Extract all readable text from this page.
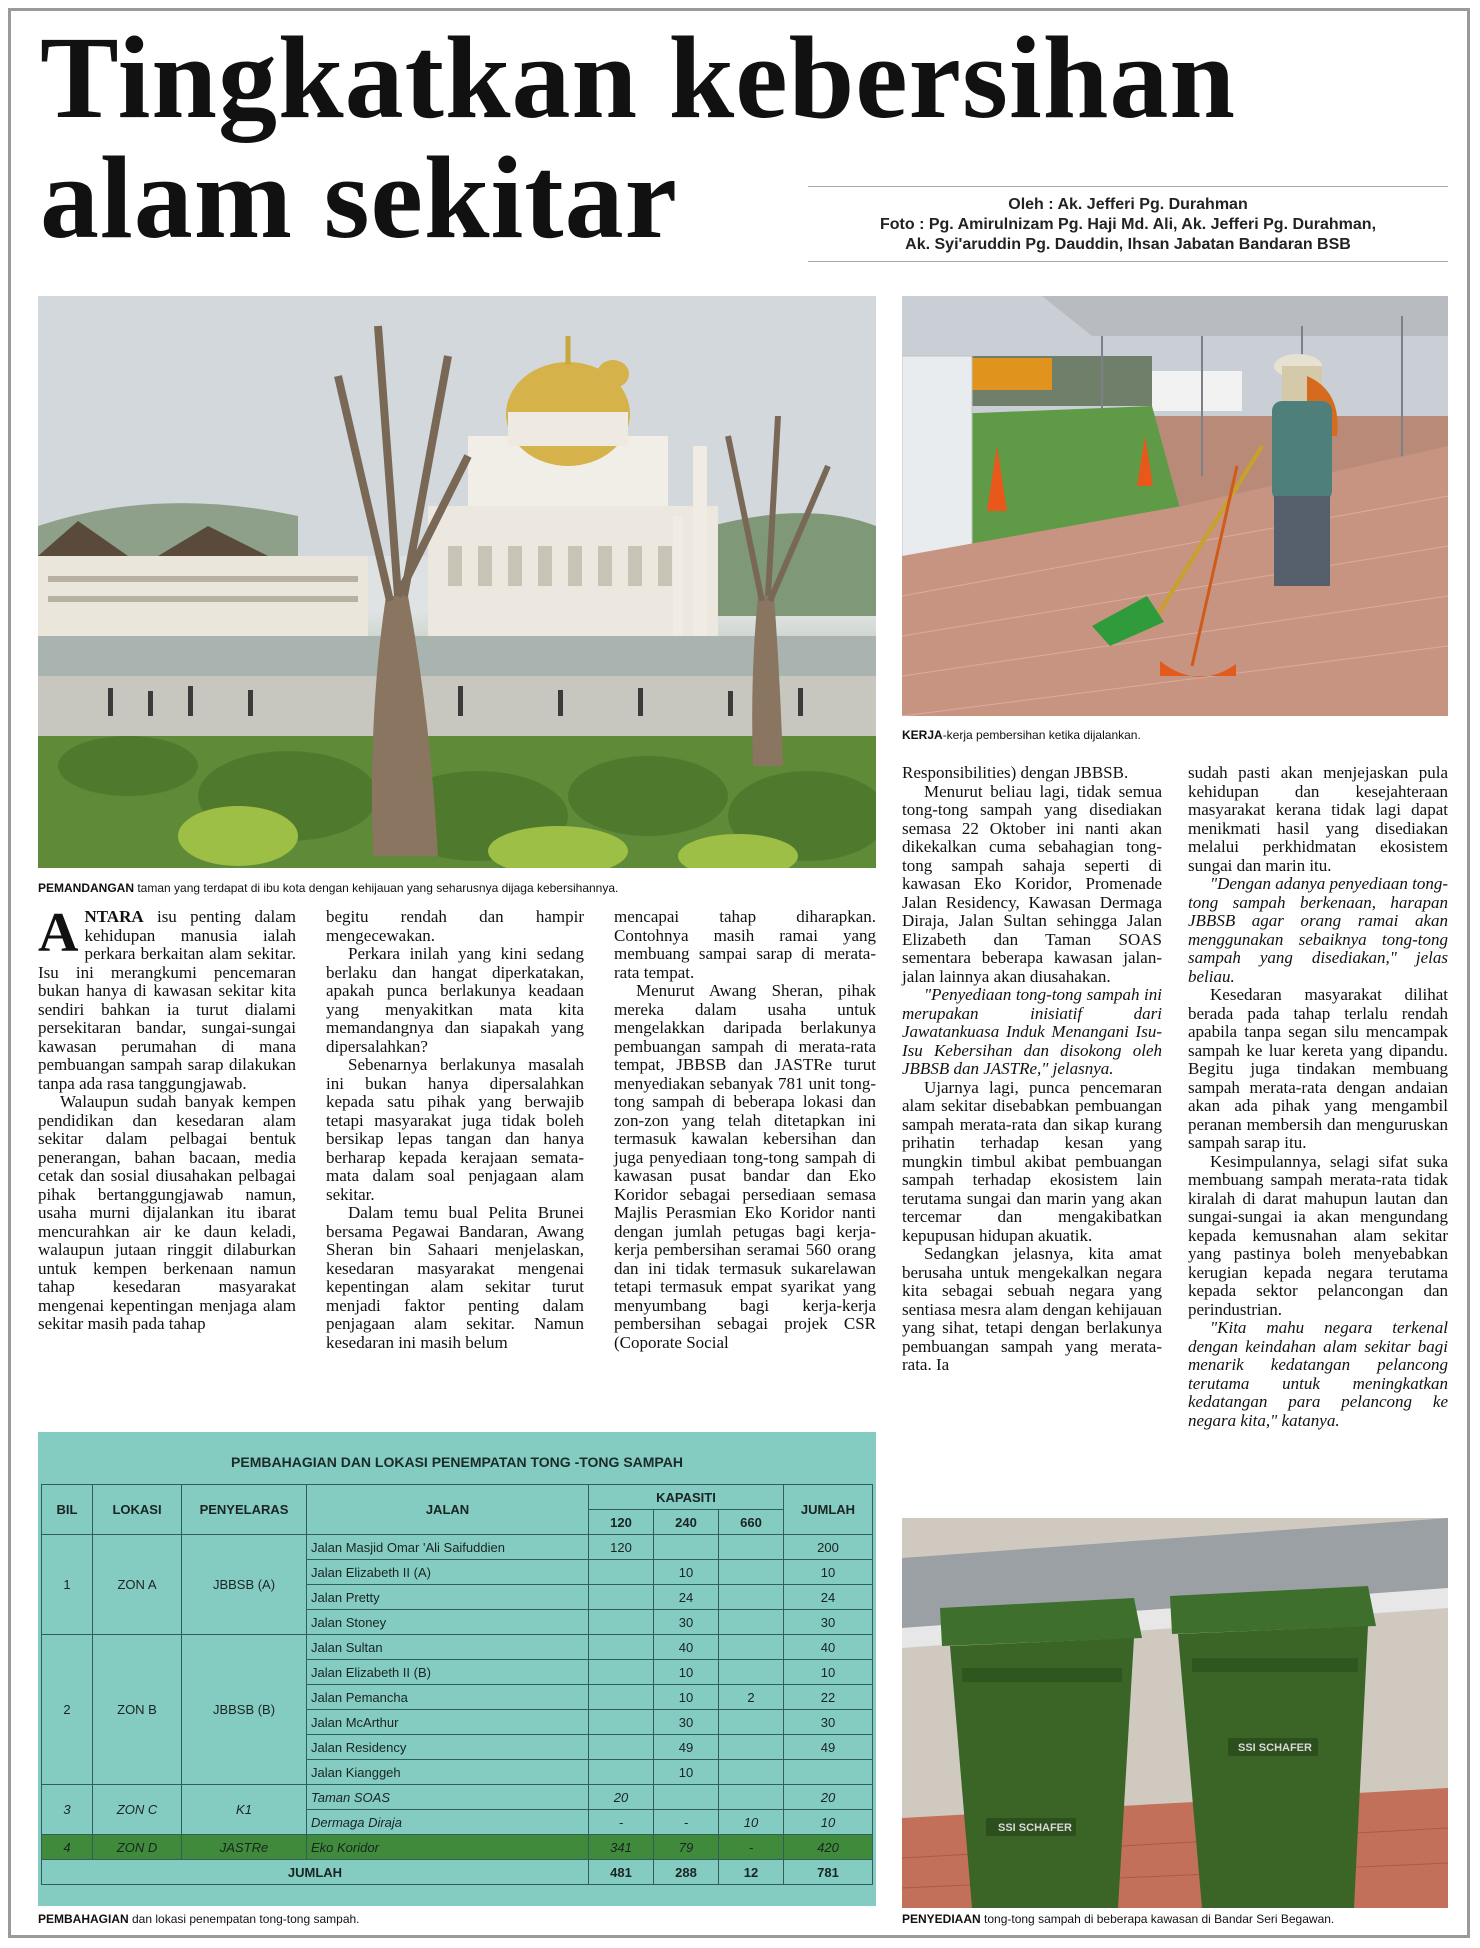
Tingkatkan kebersihan
alam sekitar	Oleh : Ak. Jefferi Pg. Durahman
Foto : Pg. Amirulnizam Pg. Haji Md. Ali, Ak. Jefferi Pg. Durahman,
Ak. Syi'aruddin Pg. Dauddin, Ihsan Jabatan Bandaran BSB
PEMANDANGAN taman yang terdapat di ibu kota dengan kehijauan yang seharusnya dijaga kebersihannya.
KERJA-kerja pembersihan ketika dijalankan.

ANTARA isu penting dalam kehidupan manusia ialah perkara berkaitan alam sekitar. Isu ini merangkumi pencemaran bukan hanya di kawasan sekitar kita sendiri bahkan ia turut dialami persekitaran bandar, sungai-sungai kawasan perumahan di mana pembuangan sampah sarap dilakukan tanpa ada rasa tanggungjawab.

Walaupun sudah banyak kempen pendidikan dan kesedaran alam sekitar dalam pelbagai bentuk penerangan, bahan bacaan, media cetak dan sosial diusahakan pelbagai pihak bertanggungjawab namun, usaha murni dijalankan itu ibarat mencurahkan air ke daun keladi, walaupun jutaan ringgit dilaburkan untuk kempen berkenaan namun tahap kesedaran masyarakat mengenai kepentingan menjaga alam sekitar masih pada tahap

begitu rendah dan hampir mengecewakan.

Perkara inilah yang kini sedang berlaku dan hangat diperkatakan, apakah punca berlakunya keadaan yang menyakitkan mata kita memandangnya dan siapakah yang dipersalahkan?

Sebenarnya berlakunya masalah ini bukan hanya dipersalahkan kepada satu pihak yang berwajib tetapi masyarakat juga tidak boleh bersikap lepas tangan dan hanya berharap kepada kerajaan semata-mata dalam soal penjagaan alam sekitar.

Dalam temu bual Pelita Brunei bersama Pegawai Bandaran, Awang Sheran bin Sahaari menjelaskan, kesedaran masyarakat mengenai kepentingan alam sekitar turut menjadi faktor penting dalam penjagaan alam sekitar. Namun kesedaran ini masih belum

mencapai tahap diharapkan. Contohnya masih ramai yang membuang sampai sarap di merata-rata tempat.

Menurut Awang Sheran, pihak mereka dalam usaha untuk mengelakkan daripada berlakunya pembuangan sampah di merata-rata tempat, JBBSB dan JASTRe turut menyediakan sebanyak 781 unit tong-tong sampah di beberapa lokasi dan zon-zon yang telah ditetapkan ini termasuk kawalan kebersihan dan juga penyediaan tong-tong sampah di kawasan pusat bandar dan Eko Koridor sebagai persediaan semasa Majlis Perasmian Eko Koridor nanti dengan jumlah petugas bagi kerja-kerja pembersihan seramai 560 orang dan ini tidak termasuk sukarelawan tetapi termasuk empat syarikat yang menyumbang bagi kerja-kerja pembersihan sebagai projek CSR (Coporate Social

Responsibilities) dengan JBBSB.

Menurut beliau lagi, tidak semua tong-tong sampah yang disediakan semasa 22 Oktober ini nanti akan dikekalkan cuma sebahagian tong-tong sampah sahaja seperti di kawasan Eko Koridor, Promenade Jalan Residency, Kawasan Dermaga Diraja, Jalan Sultan sehingga Jalan Elizabeth dan Taman SOAS sementara beberapa kawasan jalan-jalan lainnya akan diusahakan.

"Penyediaan tong-tong sampah ini merupakan inisiatif dari Jawatankuasa Induk Menangani Isu-Isu Kebersihan dan disokong oleh JBBSB dan JASTRe," jelasnya.

Ujarnya lagi, punca pencemaran alam sekitar disebabkan pembuangan sampah merata-rata dan sikap kurang prihatin terhadap kesan yang mungkin timbul akibat pembuangan sampah terhadap ekosistem lain terutama sungai dan marin yang akan tercemar dan mengakibatkan kepupusan hidupan akuatik.

Sedangkan jelasnya, kita amat berusaha untuk mengekalkan negara kita sebagai sebuah negara yang sentiasa mesra alam dengan kehijauan yang sihat, tetapi dengan berlakunya pembuangan sampah yang merata-rata. Ia

sudah pasti akan menjejaskan pula kehidupan dan kesejahteraan masyarakat kerana tidak lagi dapat menikmati hasil yang disediakan melalui perkhidmatan ekosistem sungai dan marin itu.

"Dengan adanya penyediaan tong-tong sampah berkenaan, harapan JBBSB agar orang ramai akan menggunakan sebaiknya tong-tong sampah yang disediakan," jelas beliau.

Kesedaran masyarakat dilihat berada pada tahap terlalu rendah apabila tanpa segan silu mencampak sampah ke luar kereta yang dipandu. Begitu juga tindakan membuang sampah merata-rata dengan andaian akan ada pihak yang mengambil peranan membersih dan menguruskan sampah sarap itu.

Kesimpulannya, selagi sifat suka membuang sampah merata-rata tidak kiralah di darat mahupun lautan dan sungai-sungai ia akan mengundang kepada kemusnahan alam sekitar yang pastinya boleh menyebabkan kerugian kepada negara terutama kepada sektor pelancongan dan perindustrian.

"Kita mahu negara terkenal dengan keindahan alam sekitar bagi menarik kedatangan pelancong terutama untuk meningkatkan kedatangan para pelancong ke negara kita," katanya.

PEMBAHAGIAN DAN LOKASI PENEMPATAN TONG -TONG SAMPAH
BIL	LOKASI	PENYELARAS	JALAN	KAPASITI			JUMLAH
				120	240	660	
1	ZON A	JBBSB (A)	Jalan Masjid Omar 'Ali Saifuddien	120			200
			Jalan Elizabeth II (A)		10		10
			Jalan Pretty		24		24
			Jalan Stoney		30		30
2	ZON B	JBBSB (B)	Jalan Sultan		40		40
			Jalan Elizabeth II (B)		10		10
			Jalan Pemancha		10	2	22
			Jalan McArthur		30		30
			Jalan Residency		49		49
			Jalan Kianggeh		10		
3	ZON C	K1	Taman SOAS	20			20
			Dermaga Diraja	-	-	10	10
4	ZON D	JASTRe	Eko Koridor	341	79	-	420
JUMLAH				481	288	12	781
PEMBAHAGIAN dan lokasi penempatan tong-tong sampah.
SSI SCHAFER
SSI SCHAFER
PENYEDIAAN tong-tong sampah di beberapa kawasan di Bandar Seri Begawan.
